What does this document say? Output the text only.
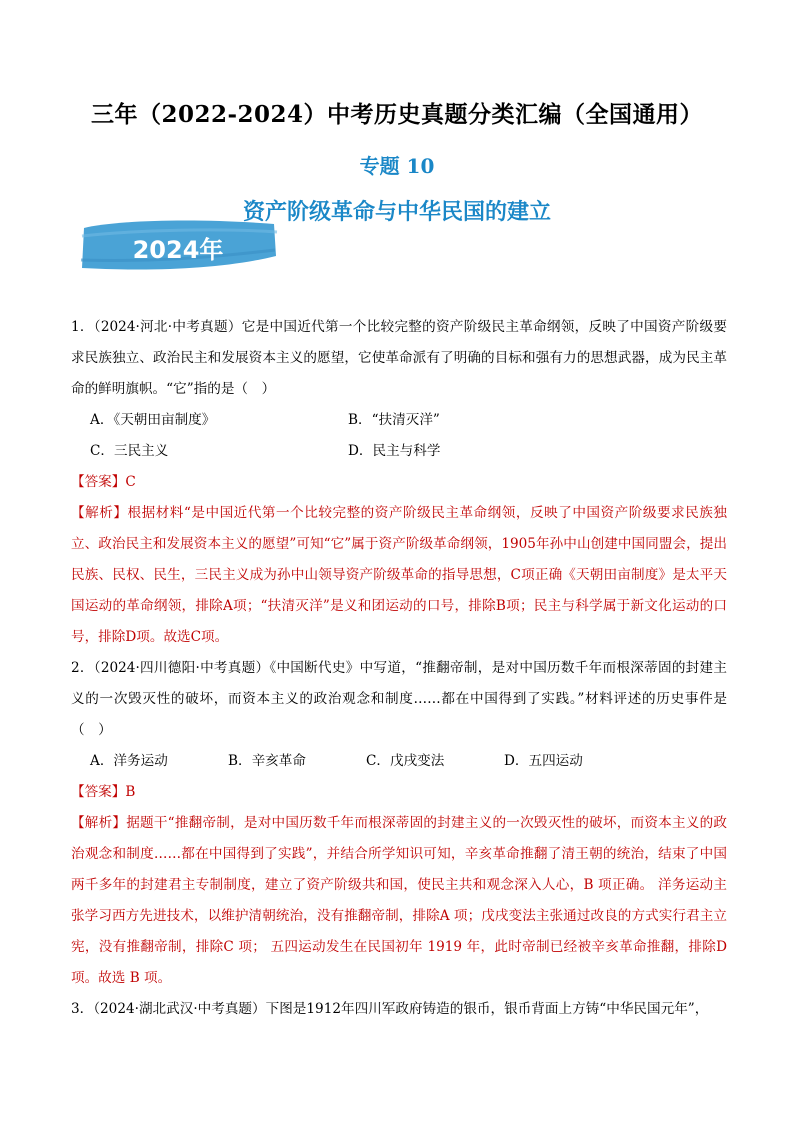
三年（2022-2024）中考历史真题分类汇编（全国通用）
专题 10
资产阶级革命与中华民国的建立
2024年
1．（2024·河北·中考真题）它是中国近代第一个比较完整的资产阶级民主革命纲领，反映了中国资产阶级要求民族独立、政治民主和发展资本主义的愿望，它使革命派有了明确的目标和强有力的思想武器，成为民主革命的鲜明旗帜。“它”指的是（　）
A．《天朝田亩制度》	B．“扶清灭洋”
C．三民主义	D．民主与科学
【答案】C
【解析】根据材料“是中国近代第一个比较完整的资产阶级民主革命纲领，反映了中国资产阶级要求民族独立、政治民主和发展资本主义的愿望”可知“它”属于资产阶级革命纲领，1905年孙中山创建中国同盟会，提出民族、民权、民生，三民主义成为孙中山领导资产阶级革命的指导思想，C项正确《天朝田亩制度》是太平天国运动的革命纲领，排除A项；“扶清灭洋”是义和团运动的口号，排除B项；民主与科学属于新文化运动的口号，排除D项。故选C项。
2．（2024·四川德阳·中考真题）《中国断代史》中写道，“推翻帝制，是对中国历数千年而根深蒂固的封建主义的一次毁灭性的破坏，而资本主义的政治观念和制度……都在中国得到了实践。”材料评述的历史事件是（　）
A．洋务运动	B．辛亥革命	C．戊戌变法	D．五四运动
【答案】B
【解析】据题干“推翻帝制，是对中国历数千年而根深蒂固的封建主义的一次毁灭性的破坏，而资本主义的政治观念和制度……都在中国得到了实践”，并结合所学知识可知，辛亥革命推翻了清王朝的统治，结束了中国两千多年的封建君主专制制度，建立了资产阶级共和国，使民主共和观念深入人心，B 项正确。 洋务运动主张学习西方先进技术，以维护清朝统治，没有推翻帝制，排除A 项；戊戌变法主张通过改良的方式实行君主立宪，没有推翻帝制，排除C 项； 五四运动发生在民国初年 1919 年，此时帝制已经被辛亥革命推翻，排除D 项。故选 B 项。
3．（2024·湖北武汉·中考真题）下图是1912年四川军政府铸造的银币，银币背面上方铸“中华民国元年”，
